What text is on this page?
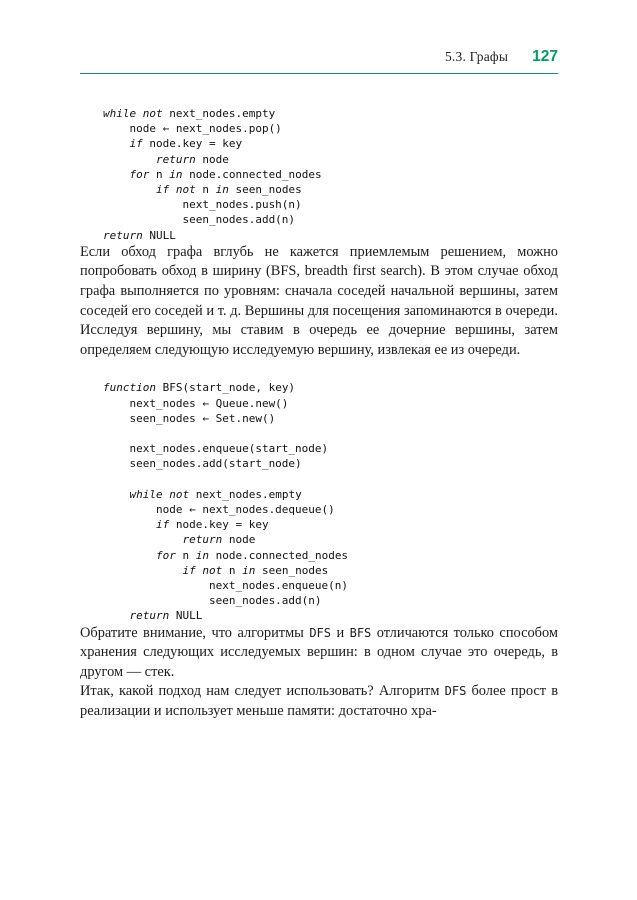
5.3. Графы 127
while not next_nodes.empty
node ← next_nodes.pop()
if node.key = key
return node
for n in node.connected_nodes
if not n in seen_nodes
next_nodes.push(n)
seen_nodes.add(n)
return NULL

Если обход графа вглубь не кажется приемлемым решением, можно попробовать обход в ширину (BFS, breadth first search). В этом случае обход графа выполняется по уровням: сначала соседей начальной вершины, затем соседей его соседей и т. д. Вершины для посещения запоминаются в очереди. Исследуя вершину, мы ставим в очередь ее дочерние вершины, затем определяем следующую исследуемую вершину, извлекая ее из очереди.

function BFS(start_node, key)
next_nodes ← Queue.new()
seen_nodes ← Set.new()

next_nodes.enqueue(start_node)
seen_nodes.add(start_node)

while not next_nodes.empty
node ← next_nodes.dequeue()
if node.key = key
return node
for n in node.connected_nodes
if not n in seen_nodes
next_nodes.enqueue(n)
seen_nodes.add(n)
return NULL

Обратите внимание, что алгоритмы DFS и BFS отличаются только способом хранения следующих исследуемых вершин: в одном случае это очередь, в другом — стек.

Итак, какой подход нам следует использовать? Алгоритм DFS более прост в реализации и использует меньше памяти: достаточно хра-
